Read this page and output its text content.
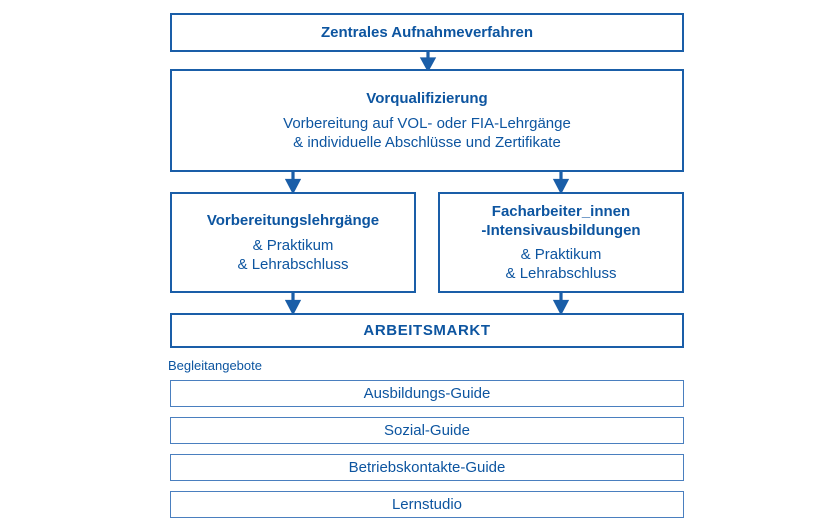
Zentrales Aufnahmeverfahren
Vorqualifizierung
Vorbereitung auf VOL- oder FIA-Lehrgänge
& individuelle Abschlüsse und Zertifikate
Vorbereitungslehrgänge
& Praktikum
& Lehrabschluss
Facharbeiter_innen
-Intensivausbildungen
& Praktikum
& Lehrabschluss
ARBEITSMARKT
Begleitangebote
Ausbildungs-Guide
Sozial-Guide
Betriebskontakte-Guide
Lernstudio
